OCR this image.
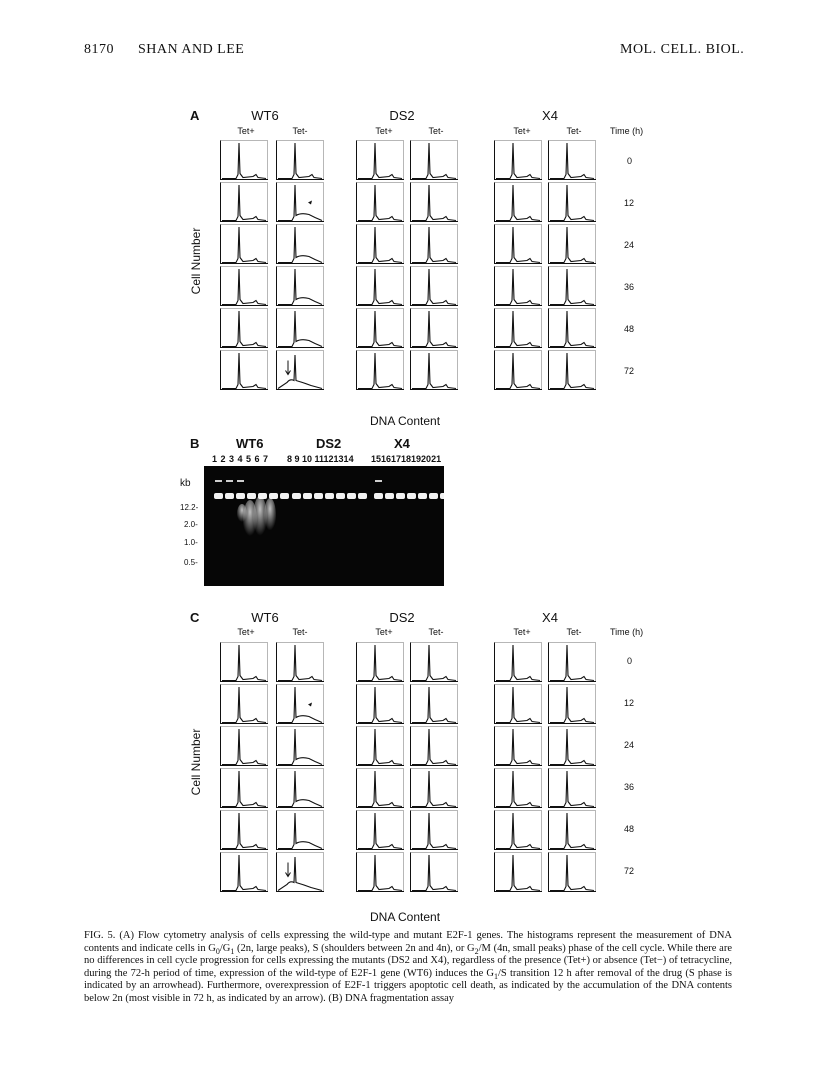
8170 SHAN AND LEE	MOL. CELL. BIOL.
A	WT6	DS2	X4
Tet+	Tet-	Tet+	Tet-	Tet+	Tet-	Time (h)
0
12
24
36
48
72
Cell Number
DNA Content
B	WT6	DS2	X4
1 2 3 4 5 6 7 8 9 10 11121314 15161718192021
kb
12.2-
2.0-
1.0-
0.5-
C	WT6	DS2	X4
Tet+	Tet-	Tet+	Tet-	Tet+	Tet-	Time (h)
0
12
24
36
48
72
Cell Number
DNA Content
FIG. 5. (A) Flow cytometry analysis of cells expressing the wild-type and mutant E2F-1 genes. The histograms represent the measurement of DNA contents and indicate cells in $G_0/G_1$ (2n, large peaks), S (shoulders between 2n and 4n), or $G_2/M$ (4n, small peaks) phase of the cell cycle. While there are no differences in cell cycle progression for cells expressing the mutants (DS2 and X4), regardless of the presence (Tet+) or absence (Tet−) of tetracycline, during the 72-h period of time, expression of the wild-type of E2F-1 gene (WT6) induces the $G_1/S$ transition 12 h after removal of the drug (S phase is indicated by an arrowhead). Furthermore, overexpression of E2F-1 triggers apoptotic cell death, as indicated by the accumulation of the DNA contents below 2n (most visible in 72 h, as indicated by an arrow). (B) DNA fragmentation assay
